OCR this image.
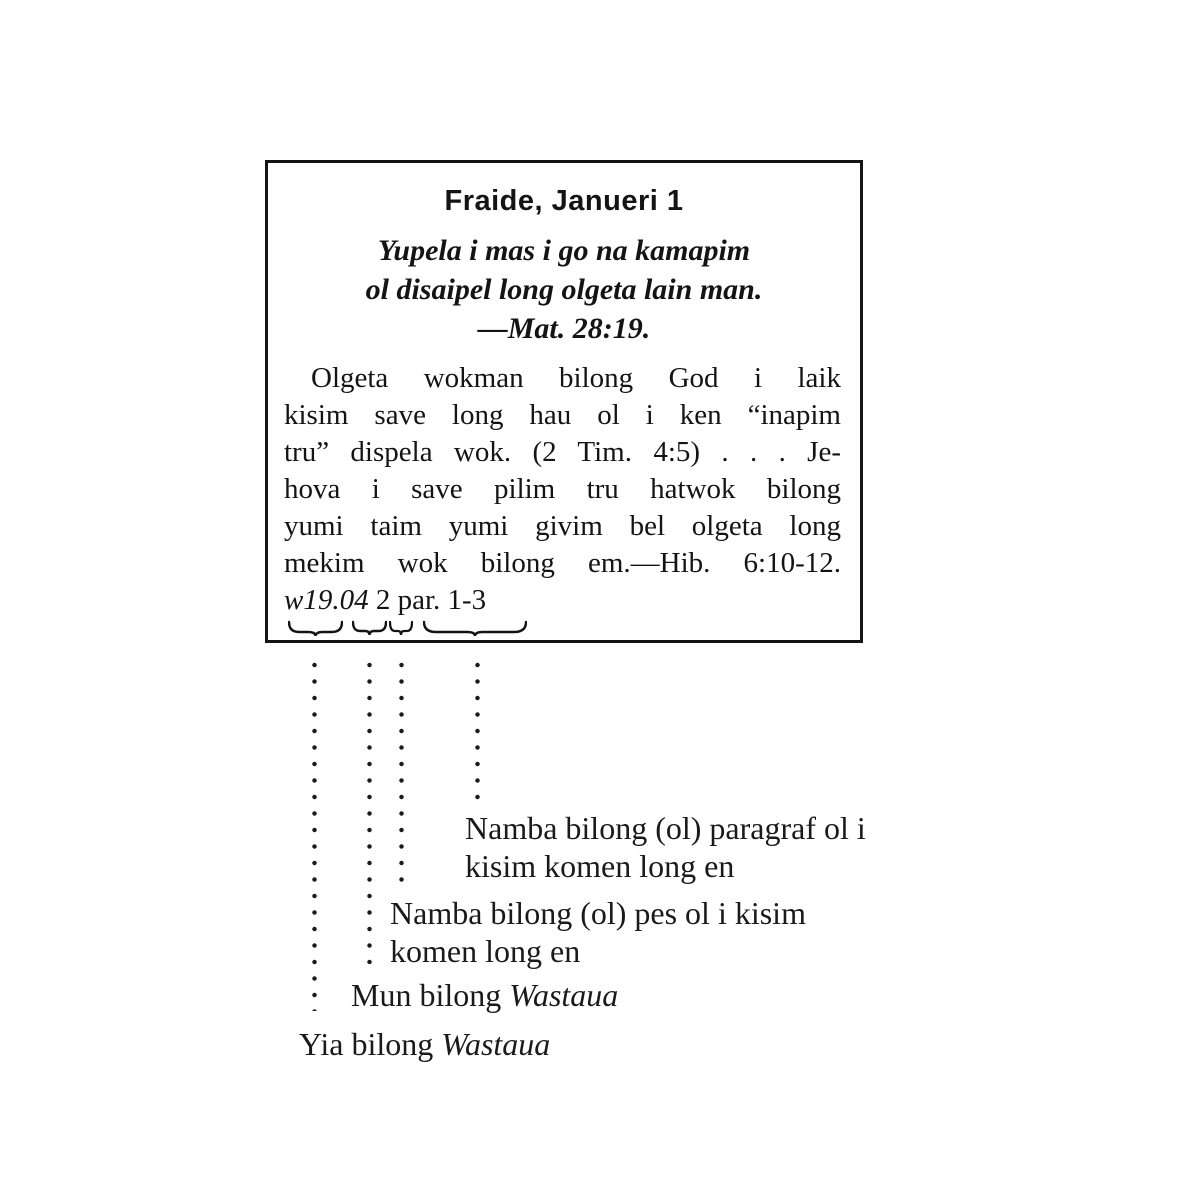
Fraide, Janueri 1
Yupela i mas i go na kamapim
ol disaipel long olgeta lain man.
—Mat. 28:19.
Olgeta wokman bilong God i laik
kisim save long hau ol i ken “inapim
tru” dispela wok. (2 Tim. 4:5) . . . Je-
hova i save pilim tru hatwok bilong
yumi taim yumi givim bel olgeta long
mekim wok bilong em.—Hib. 6:10-12.
w19.04 2 par. 1-3
Namba bilong (ol) paragraf ol i
kisim komen long en
Namba bilong (ol) pes ol i kisim
komen long en
Mun bilong Wastaua
Yia bilong Wastaua
